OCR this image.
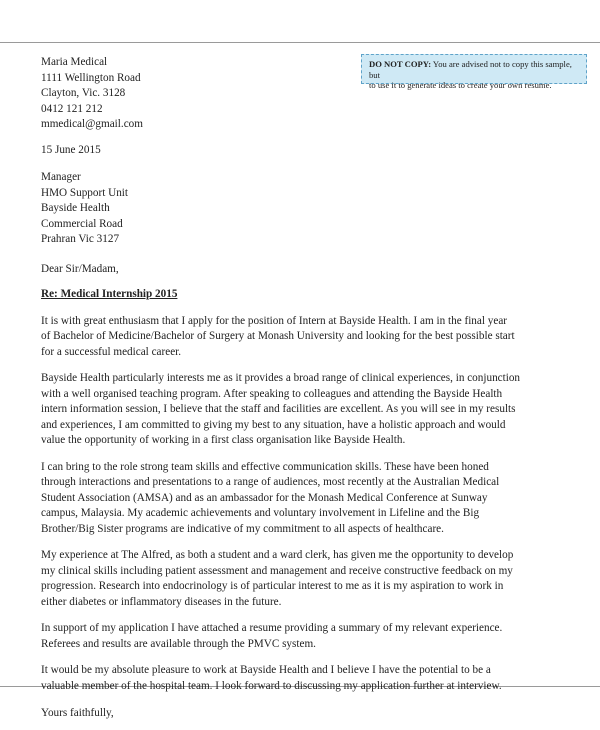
DO NOT COPY: You are advised not to copy this sample, but
to use it to generate ideas to create your own resume.
Maria Medical
1111 Wellington Road
Clayton, Vic. 3128
0412 121 212
mmedical@gmail.com
15 June 2015
Manager
HMO Support Unit
Bayside Health
Commercial Road
Prahran Vic 3127
Dear Sir/Madam,
Re: Medical Internship 2015

It is with great enthusiasm that I apply for the position of Intern at Bayside Health. I am in the final year
of Bachelor of Medicine/Bachelor of Surgery at Monash University and looking for the best possible start
for a successful medical career.

Bayside Health particularly interests me as it provides a broad range of clinical experiences, in conjunction
with a well organised teaching program. After speaking to colleagues and attending the Bayside Health
intern information session, I believe that the staff and facilities are excellent. As you will see in my results
and experiences, I am committed to giving my best to any situation, have a holistic approach and would
value the opportunity of working in a first class organisation like Bayside Health.

I can bring to the role strong team skills and effective communication skills. These have been honed
through interactions and presentations to a range of audiences, most recently at the Australian Medical
Student Association (AMSA) and as an ambassador for the Monash Medical Conference at Sunway
campus, Malaysia. My academic achievements and voluntary involvement in Lifeline and the Big
Brother/Big Sister programs are indicative of my commitment to all aspects of healthcare.

My experience at The Alfred, as both a student and a ward clerk, has given me the opportunity to develop
my clinical skills including patient assessment and management and receive constructive feedback on my
progression. Research into endocrinology is of particular interest to me as it is my aspiration to work in
either diabetes or inflammatory diseases in the future.

In support of my application I have attached a resume providing a summary of my relevant experience.
Referees and results are available through the PMVC system.

It would be my absolute pleasure to work at Bayside Health and I believe I have the potential to be a
valuable member of the hospital team. I look forward to discussing my application further at interview.

Yours faithfully,
